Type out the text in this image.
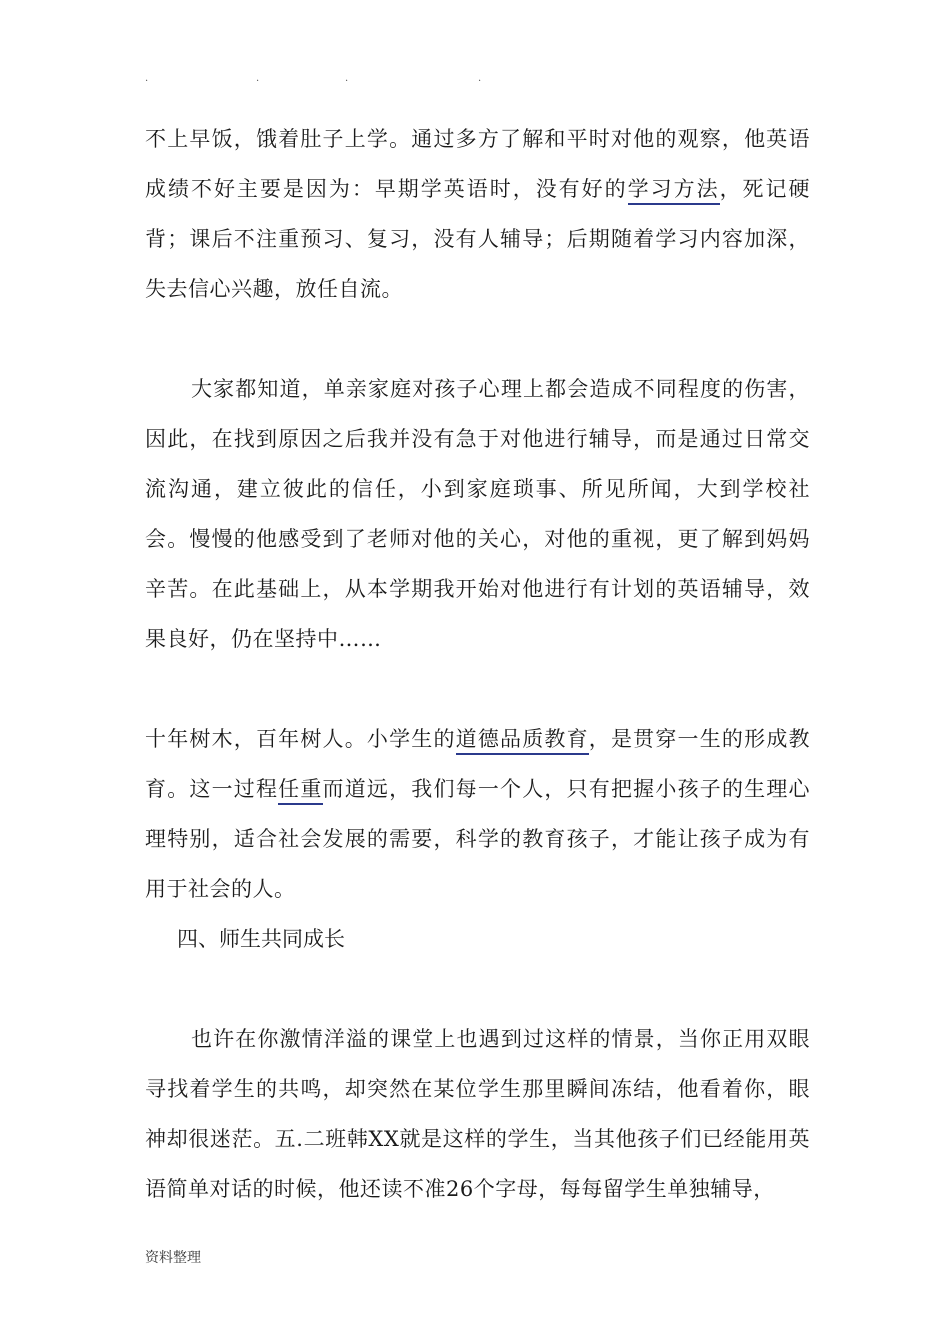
.	.	.	.

不上早饭，饿着肚子上学。通过多方了解和平时对他的观察，他英语成绩不好主要是因为：早期学英语时，没有好的学习方法，死记硬背；课后不注重预习、复习，没有人辅导；后期随着学习内容加深，失去信心兴趣，放任自流。

大家都知道，单亲家庭对孩子心理上都会造成不同程度的伤害，因此，在找到原因之后我并没有急于对他进行辅导，而是通过日常交流沟通，建立彼此的信任，小到家庭琐事、所见所闻，大到学校社会。慢慢的他感受到了老师对他的关心，对他的重视，更了解到妈妈辛苦。在此基础上，从本学期我开始对他进行有计划的英语辅导，效果良好，仍在坚持中……

十年树木，百年树人。小学生的道德品质教育，是贯穿一生的形成教育。这一过程任重而道远，我们每一个人，只有把握小孩子的生理心理特别，适合社会发展的需要，科学的教育孩子，才能让孩子成为有用于社会的人。

四、师生共同成长

也许在你激情洋溢的课堂上也遇到过这样的情景，当你正用双眼寻找着学生的共鸣，却突然在某位学生那里瞬间冻结，他看着你，眼神却很迷茫。五.二班韩XX就是这样的学生，当其他孩子们已经能用英语简单对话的时候，他还读不准26个字母，每每留学生单独辅导，

资料整理
